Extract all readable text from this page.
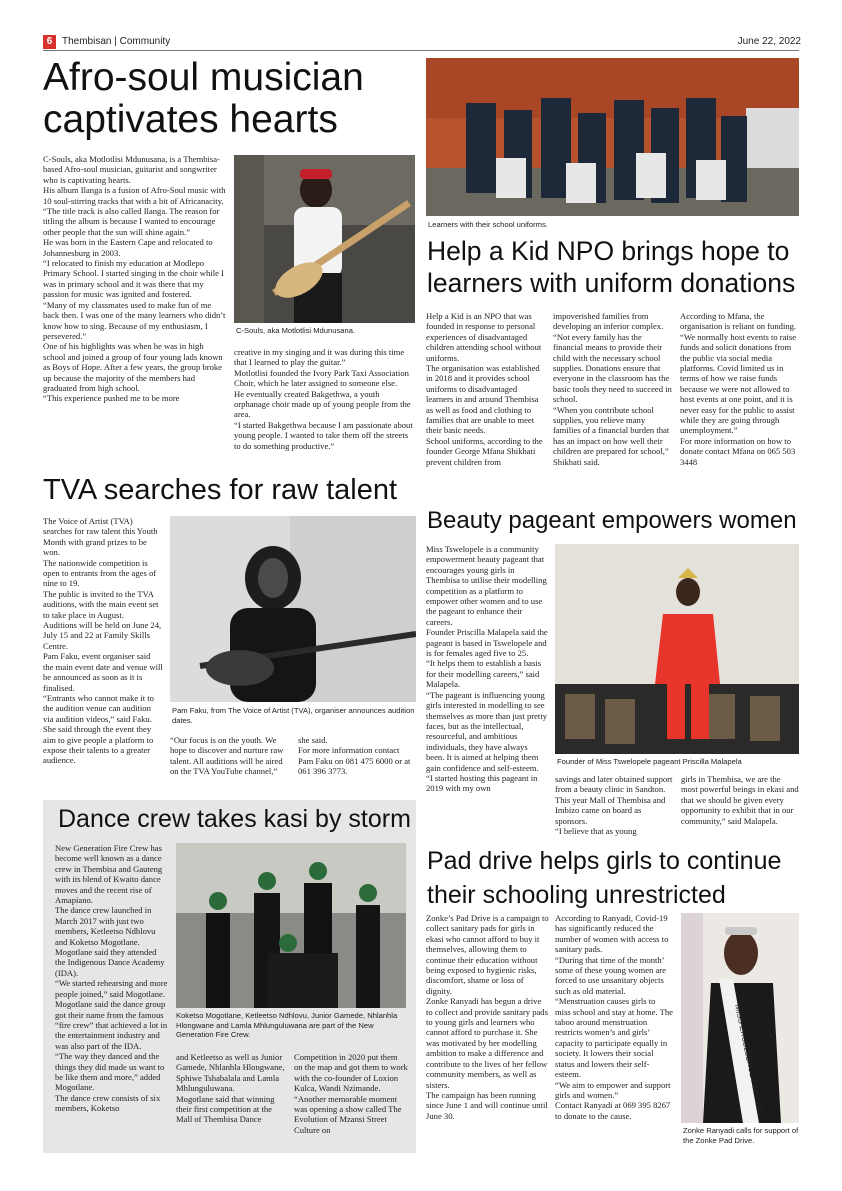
6 Thembisan | Community	June 22, 2022
Afro-soul musician
captivates hearts
C-Souls, aka Motlotlisi Mdunusana, is a Thembisa-based Afro-soul musician, guitarist and songwriter who is captivating hearts.
His album Ilanga is a fusion of Afro-Soul music with 10 soul-stirring tracks that with a bit of Africanacity.
“The title track is also called Ilanga. The reason for titling the album is because I wanted to encourage other people that the sun will shine again.”
He was born in the Eastern Cape and relocated to Johannesburg in 2003.
“I relocated to finish my education at Modlepo Primary School. I started singing in the choir while I was in primary school and it was there that my passion for music was ignited and fostered.
“Many of my classmates used to make fun of me back then. I was one of the many learners who didn’t know how to sing. Because of my enthusiasm, I persevered.”
One of his highlights was when he was in high school and joined a group of four young lads known as Boys of Hope. After a few years, the group broke up because the majority of the members had graduated from high school.
“This experience pushed me to be more
C-Souls, aka Motlotlisi Mdunusana.
creative in my singing and it was during this time that I learned to play the guitar.”
Motlotlisi founded the Ivory Park Taxi Association Choir, which he later assigned to someone else.
He eventually created Bakgethwa, a youth orphanage choir made up of young people from the area.
“I started Bakgethwa because I am passionate about young people. I wanted to take them off the streets to do something productive.”
TVA searches for raw talent
The Voice of Artist (TVA) searches for raw talent this Youth Month with grand prizes to be won.
The nationwide competition is open to entrants from the ages of nine to 19.
The public is invited to the TVA auditions, with the main event set to take place in August.
Auditions will be held on June 24, July 15 and 22 at Family Skills Centre.
Pam Faku, event organiser said the main event date and venue will be announced as soon as it is finalised.
“Entrants who cannot make it to the audition venue can audition via audition videos,” said Faku.
She said through the event they aim to give people a platform to expose their talents to a greater audience.
Pam Faku, from The Voice of Artist (TVA), organiser announces audition dates.
“Our focus is on the youth. We hope to discover and nurture raw talent. All auditions will be aired on the TVA YouTube channel,”
she said.
For more information contact Pam Faku on 081 475 6000 or at 061 396 3773.
Dance crew takes kasi by storm
New Generation Fire Crew has become well known as a dance crew in Thembisa and Gauteng with its blend of Kwaito dance moves and the recent rise of Amapiano.
The dance crew launched in March 2017 with just two members, Ketleetso Ndhlovu and Koketso Mogotlane.
Mogotlane said they attended the Indigenous Dance Academy (IDA).
“We started rehearsing and more people joined,” said Mogotlane.
Mogotlane said the dance group got their name from the famous “fire crew” that achieved a lot in the entertainment industry and was also part of the IDA.
“The way they danced and the things they did made us want to be like them and more,” added Mogotlane.
The dance crew consists of six members, Koketso
Koketso Mogotlane, Ketleetso Ndhlovu, Junior Gamede, Nhlanhla Hlongwane and Lamla Mhlunguluwana are part of the New Generation Fire Crew.
and Ketleetso as well as Junior Gamede, Nhlanhla Hlongwane, Sphiwe Tshabalala and Lamla Mhlunguluwana.
Mogotlane said that winning their first competition at the Mall of Thembisa Dance
Competition in 2020 put them on the map and got them to work with the co-founder of Loxion Kulca, Wandi Nzimande.
“Another memorable moment was opening a show called The Evolution of Mzansi Street Culture on
Learners with their school uniforms.
Help a Kid NPO brings hope to
learners with uniform donations
Help a Kid is an NPO that was founded in response to personal experiences of disadvantaged children attending school without uniforms.
The organisation was established in 2018 and it provides school uniforms to disadvantaged learners in and around Thembisa as well as food and clothing to families that are unable to meet their basic needs.
School uniforms, according to the founder George Mfana Shikhati prevent children from
impoverished families from developing an inferior complex.
“Not every family has the financial means to provide their child with the necessary school supplies. Donations ensure that everyone in the classroom has the basic tools they need to succeed in school.
“When you contribute school supplies, you relieve many families of a financial burden that has an impact on how well their children are prepared for school,” Shikhati said.
According to Mfana, the organisation is reliant on funding.
“We normally host events to raise funds and solicit donations from the public via social media platforms. Covid limited us in terms of how we raise funds because we were not allowed to host events at one point, and it is never easy for the public to assist while they are going through unemployment.”
For more information on how to donate contact Mfana on 065 503 3448
Beauty pageant empowers women
Miss Tswelopele is a community empowerment beauty pageant that encourages young girls in Thembisa to utilise their modelling competition as a platform to empower other women and to use the pageant to enhance their careers.
Founder Priscilla Malapela said the pageant is based in Tswelopele and is for females aged five to 25.
“It helps them to establish a basis for their modelling careers,” said Malapela.
“The pageant is influencing young girls interested in modelling to see themselves as more than just pretty faces, but as the intellectual, resourceful, and ambitious individuals, they have always been. It is aimed at helping them gain confidence and self-esteem.
“I started hosting this pageant in 2019 with my own
Founder of Miss Tswelopele pageant Priscilla Malapela
savings and later obtained support from a beauty clinic in Sandton. This year Mall of Thembisa and Imbizo came on board as sponsors.
“I believe that as young
girls in Thembisa, we are the most powerful beings in ekasi and that we should be given every opportunity to exhibit that in our community,” said Malapela.
Pad drive helps girls to continue
their schooling unrestricted
Zonke’s Pad Drive is a campaign to collect sanitary pads for girls in ekasi who cannot afford to buy it themselves, allowing them to continue their education without being exposed to hygienic risks, discomfort, shame or loss of dignity.
Zonke Ranyadi has begun a drive to collect and provide sanitary pads to young girls and learners who cannot afford to purchase it. She was motivated by her modelling ambition to make a difference and contribute to the lives of her fellow community members, as well as sisters.
The campaign has been running since June 1 and will continue until June 30.
According to Ranyadi, Covid-19 has significantly reduced the number of women with access to sanitary pads.
“During that time of the month’ some of these young women are forced to use unsanitary objects such as old material.
“Menstruation causes girls to miss school and stay at home. The taboo around menstruation restricts women’s and girls’ capacity to participate equally in society. It lowers their social status and lowers their self-esteem.
“We aim to empower and support girls and women.”
Contact Ranyadi at 069 395 8267 to donate to the cause.
MISS EXCELLENCE FINALIST
Zonke Ranyadi calls for support of the Zonke Pad Drive.
